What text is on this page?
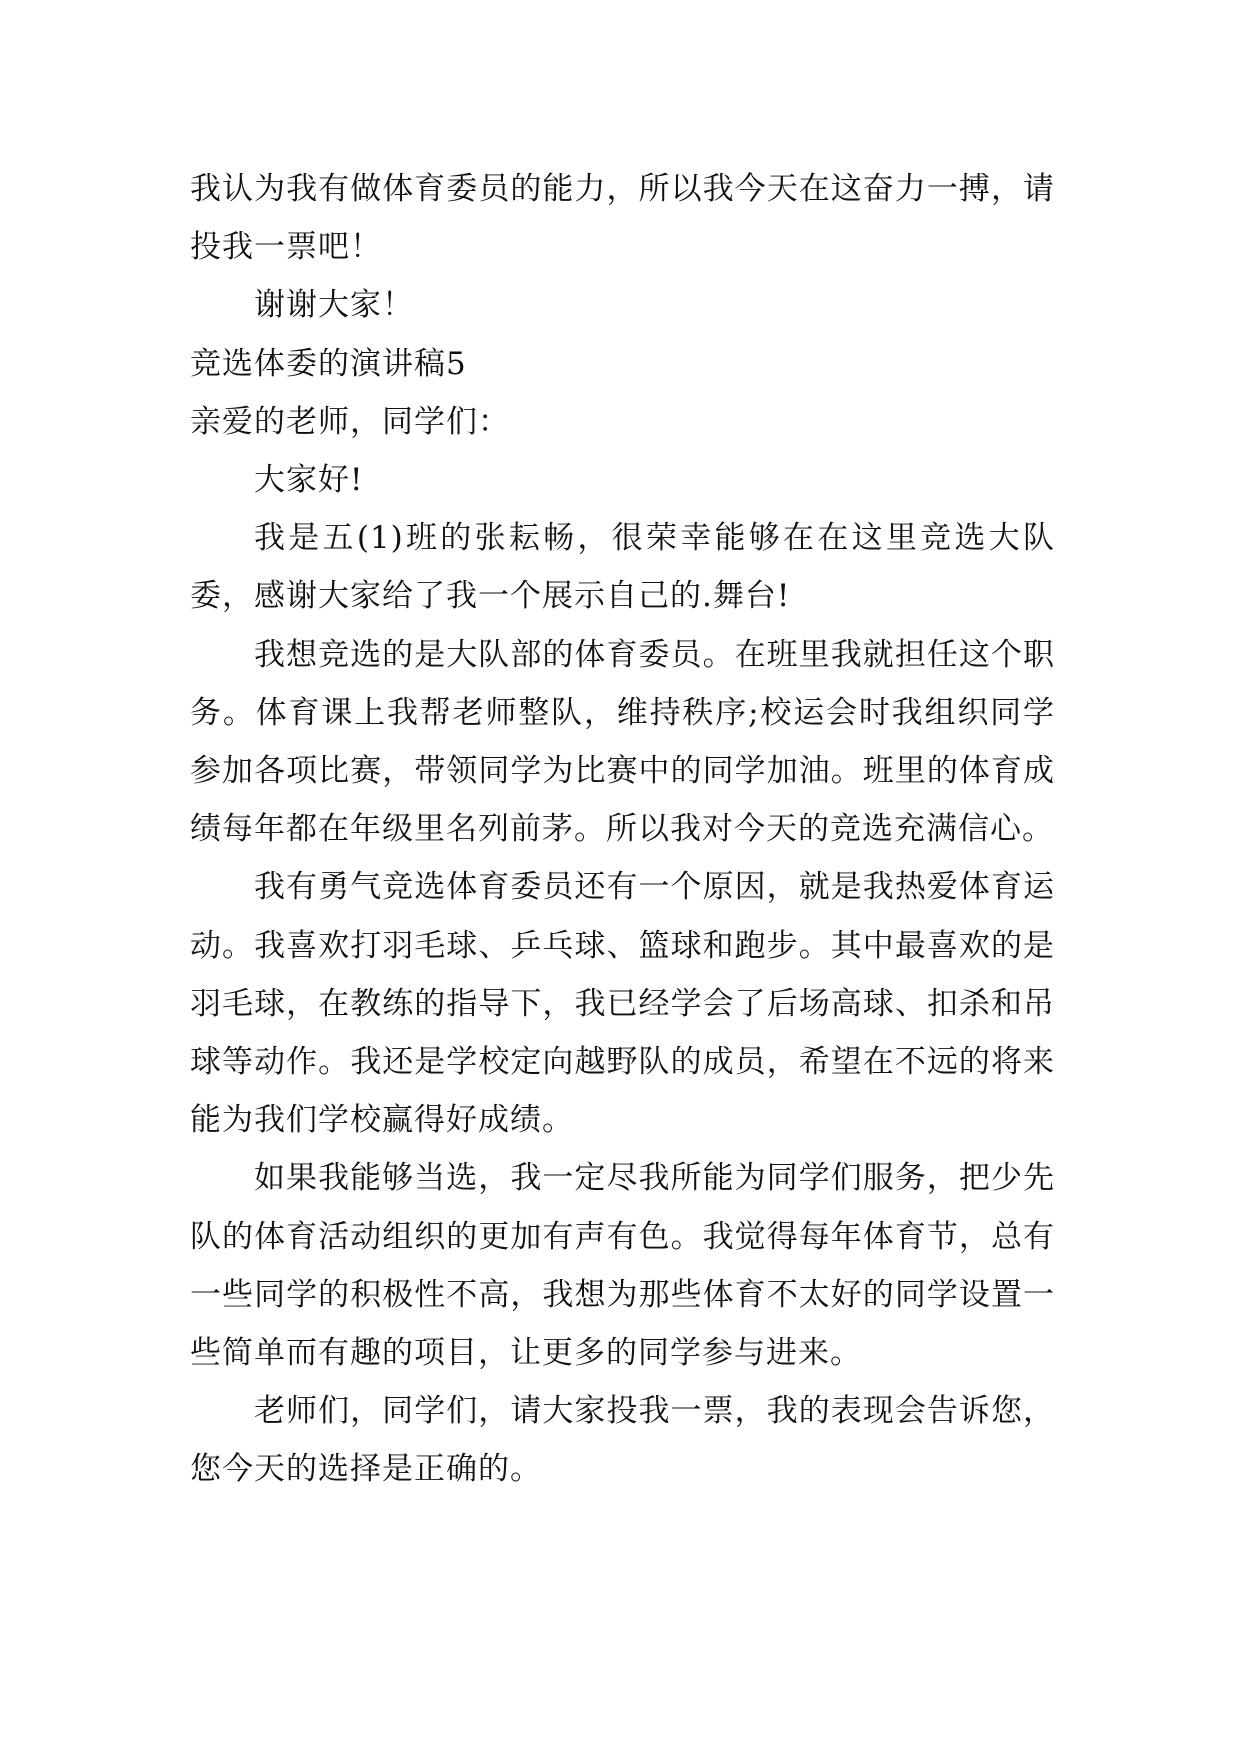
我认为我有做体育委员的能力，所以我今天在这奋力一搏，请投我一票吧！

谢谢大家！

竞选体委的演讲稿5

亲爱的老师，同学们：

大家好!

我是五(1)班的张耘畅，很荣幸能够在在这里竞选大队委，感谢大家给了我一个展示自己的.舞台!

我想竞选的是大队部的体育委员。在班里我就担任这个职务。体育课上我帮老师整队，维持秩序;校运会时我组织同学参加各项比赛，带领同学为比赛中的同学加油。班里的体育成绩每年都在年级里名列前茅。所以我对今天的竞选充满信心。

我有勇气竞选体育委员还有一个原因，就是我热爱体育运动。我喜欢打羽毛球、乒乓球、篮球和跑步。其中最喜欢的是羽毛球，在教练的指导下，我已经学会了后场高球、扣杀和吊球等动作。我还是学校定向越野队的成员，希望在不远的将来能为我们学校赢得好成绩。

如果我能够当选，我一定尽我所能为同学们服务，把少先队的体育活动组织的更加有声有色。我觉得每年体育节，总有一些同学的积极性不高，我想为那些体育不太好的同学设置一些简单而有趣的项目，让更多的同学参与进来。

老师们，同学们，请大家投我一票，我的表现会告诉您，您今天的选择是正确的。
